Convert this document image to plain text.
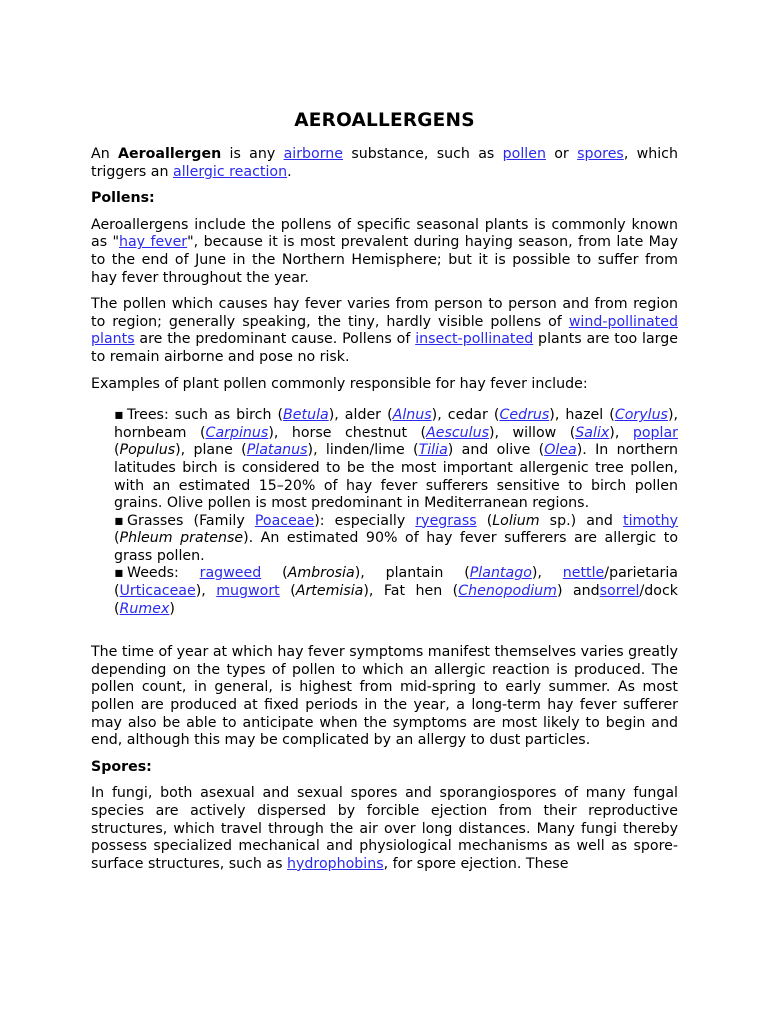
AEROALLERGENS

An Aeroallergen is any airborne substance, such as pollen or spores, which triggers an allergic reaction.

Pollens:

Aeroallergens include the pollens of specific seasonal plants is commonly known as "hay fever", because it is most prevalent during haying season, from late May to the end of June in the Northern Hemisphere; but it is possible to suffer from hay fever throughout the year.

The pollen which causes hay fever varies from person to person and from region to region; generally speaking, the tiny, hardly visible pollens of wind-pollinated plants are the predominant cause. Pollens of insect-pollinated plants are too large to remain airborne and pose no risk.

Examples of plant pollen commonly responsible for hay fever include:

▪ Trees: such as birch (Betula), alder (Alnus), cedar (Cedrus), hazel (Corylus), hornbeam (Carpinus), horse chestnut (Aesculus), willow (Salix), poplar (Populus), plane (Platanus), linden/lime (Tilia) and olive (Olea). In northern latitudes birch is considered to be the most important allergenic tree pollen, with an estimated 15–20% of hay fever sufferers sensitive to birch pollen grains. Olive pollen is most predominant in Mediterranean regions.
▪ Grasses (Family Poaceae): especially ryegrass (Lolium sp.) and timothy (Phleum pratense). An estimated 90% of hay fever sufferers are allergic to grass pollen.
▪ Weeds: ragweed (Ambrosia), plantain (Plantago), nettle/parietaria (Urticaceae), mugwort (Artemisia), Fat hen (Chenopodium) andsorrel/dock (Rumex)

The time of year at which hay fever symptoms manifest themselves varies greatly depending on the types of pollen to which an allergic reaction is produced. The pollen count, in general, is highest from mid-spring to early summer. As most pollen are produced at fixed periods in the year, a long-term hay fever sufferer may also be able to anticipate when the symptoms are most likely to begin and end, although this may be complicated by an allergy to dust particles.

Spores:

In fungi, both asexual and sexual spores and sporangiospores of many fungal species are actively dispersed by forcible ejection from their reproductive structures, which travel through the air over long distances. Many fungi thereby possess specialized mechanical and physiological mechanisms as well as spore-surface structures, such as hydrophobins, for spore ejection. These
